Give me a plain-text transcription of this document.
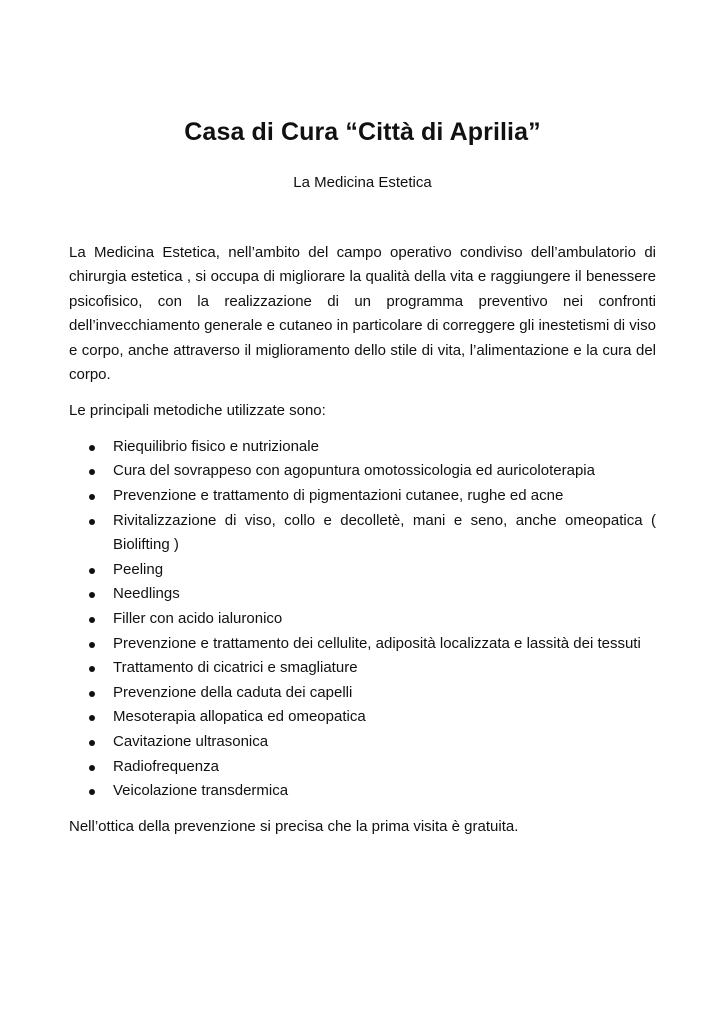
Casa di Cura “Città di Aprilia”
La Medicina Estetica

La Medicina Estetica, nell’ambito del campo operativo condiviso dell’ambulatorio di chirurgia estetica , si occupa di migliorare la qualità della vita e raggiungere il benessere psicofisico, con la realizzazione di un programma preventivo nei confronti dell’invecchiamento generale e cutaneo in particolare di correggere gli inestetismi di viso e corpo, anche attraverso il miglioramento dello stile di vita, l’alimentazione e la cura del corpo.

Le principali metodiche utilizzate sono:

Riequilibrio fisico e nutrizionale
Cura del sovrappeso con agopuntura omotossicologia ed auricoloterapia
Prevenzione e trattamento di pigmentazioni cutanee, rughe ed acne
Rivitalizzazione di viso, collo e decolletè, mani e seno, anche omeopatica ( Biolifting )
Peeling
Needlings
Filler con acido ialuronico
Prevenzione e trattamento dei cellulite, adiposità localizzata e lassità dei tessuti
Trattamento di cicatrici e smagliature
Prevenzione della caduta dei capelli
Mesoterapia allopatica ed omeopatica
Cavitazione ultrasonica
Radiofrequenza
Veicolazione transdermica

Nell’ottica della prevenzione si precisa che la prima visita è gratuita.
